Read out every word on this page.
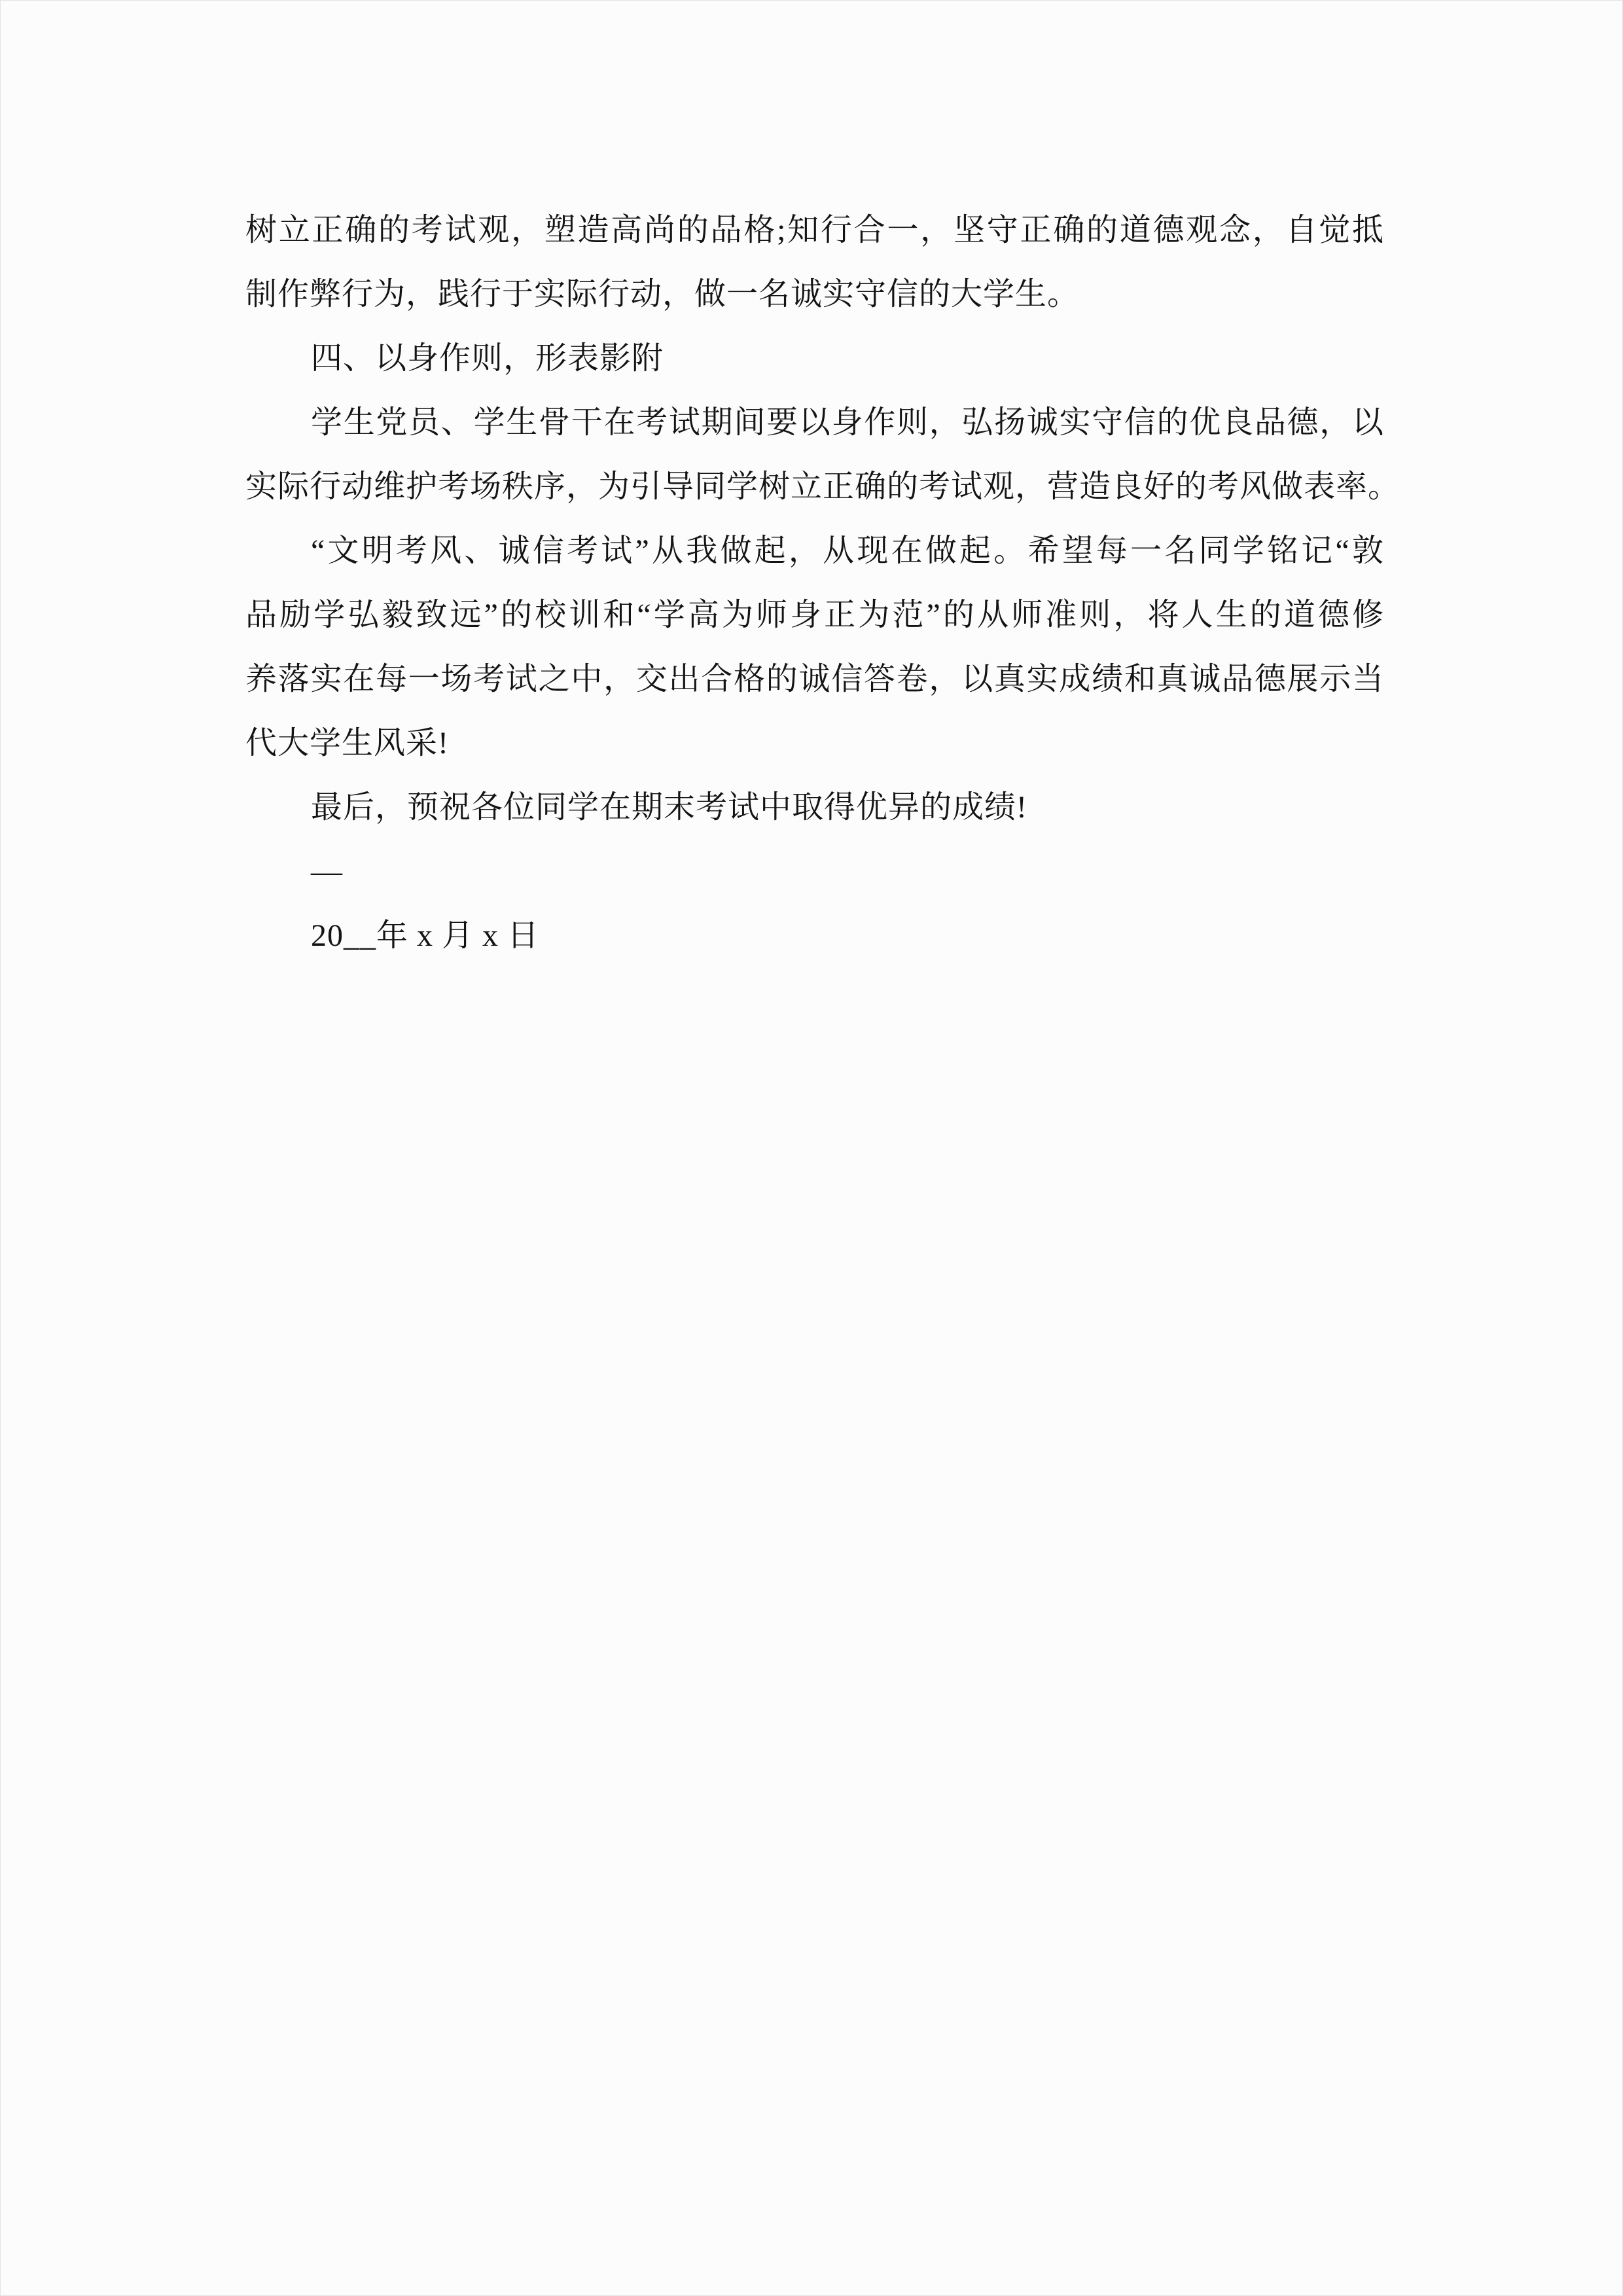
树立正确的考试观，塑造高尚的品格;知行合一，坚守正确的道德观念，自觉抵
制作弊行为，践行于实际行动，做一名诚实守信的大学生。
四、以身作则，形表影附
学生党员、学生骨干在考试期间要以身作则，弘扬诚实守信的优良品德，以
实际行动维护考场秩序，为引导同学树立正确的考试观，营造良好的考风做表率。
“文明考风、诚信考试”从我做起，从现在做起。希望每一名同学铭记“敦
品励学弘毅致远”的校训和“学高为师身正为范”的从师准则，将人生的道德修
养落实在每一场考试之中，交出合格的诚信答卷，以真实成绩和真诚品德展示当
代大学生风采!
最后，预祝各位同学在期末考试中取得优异的成绩!
—
20__年 x 月 x 日
